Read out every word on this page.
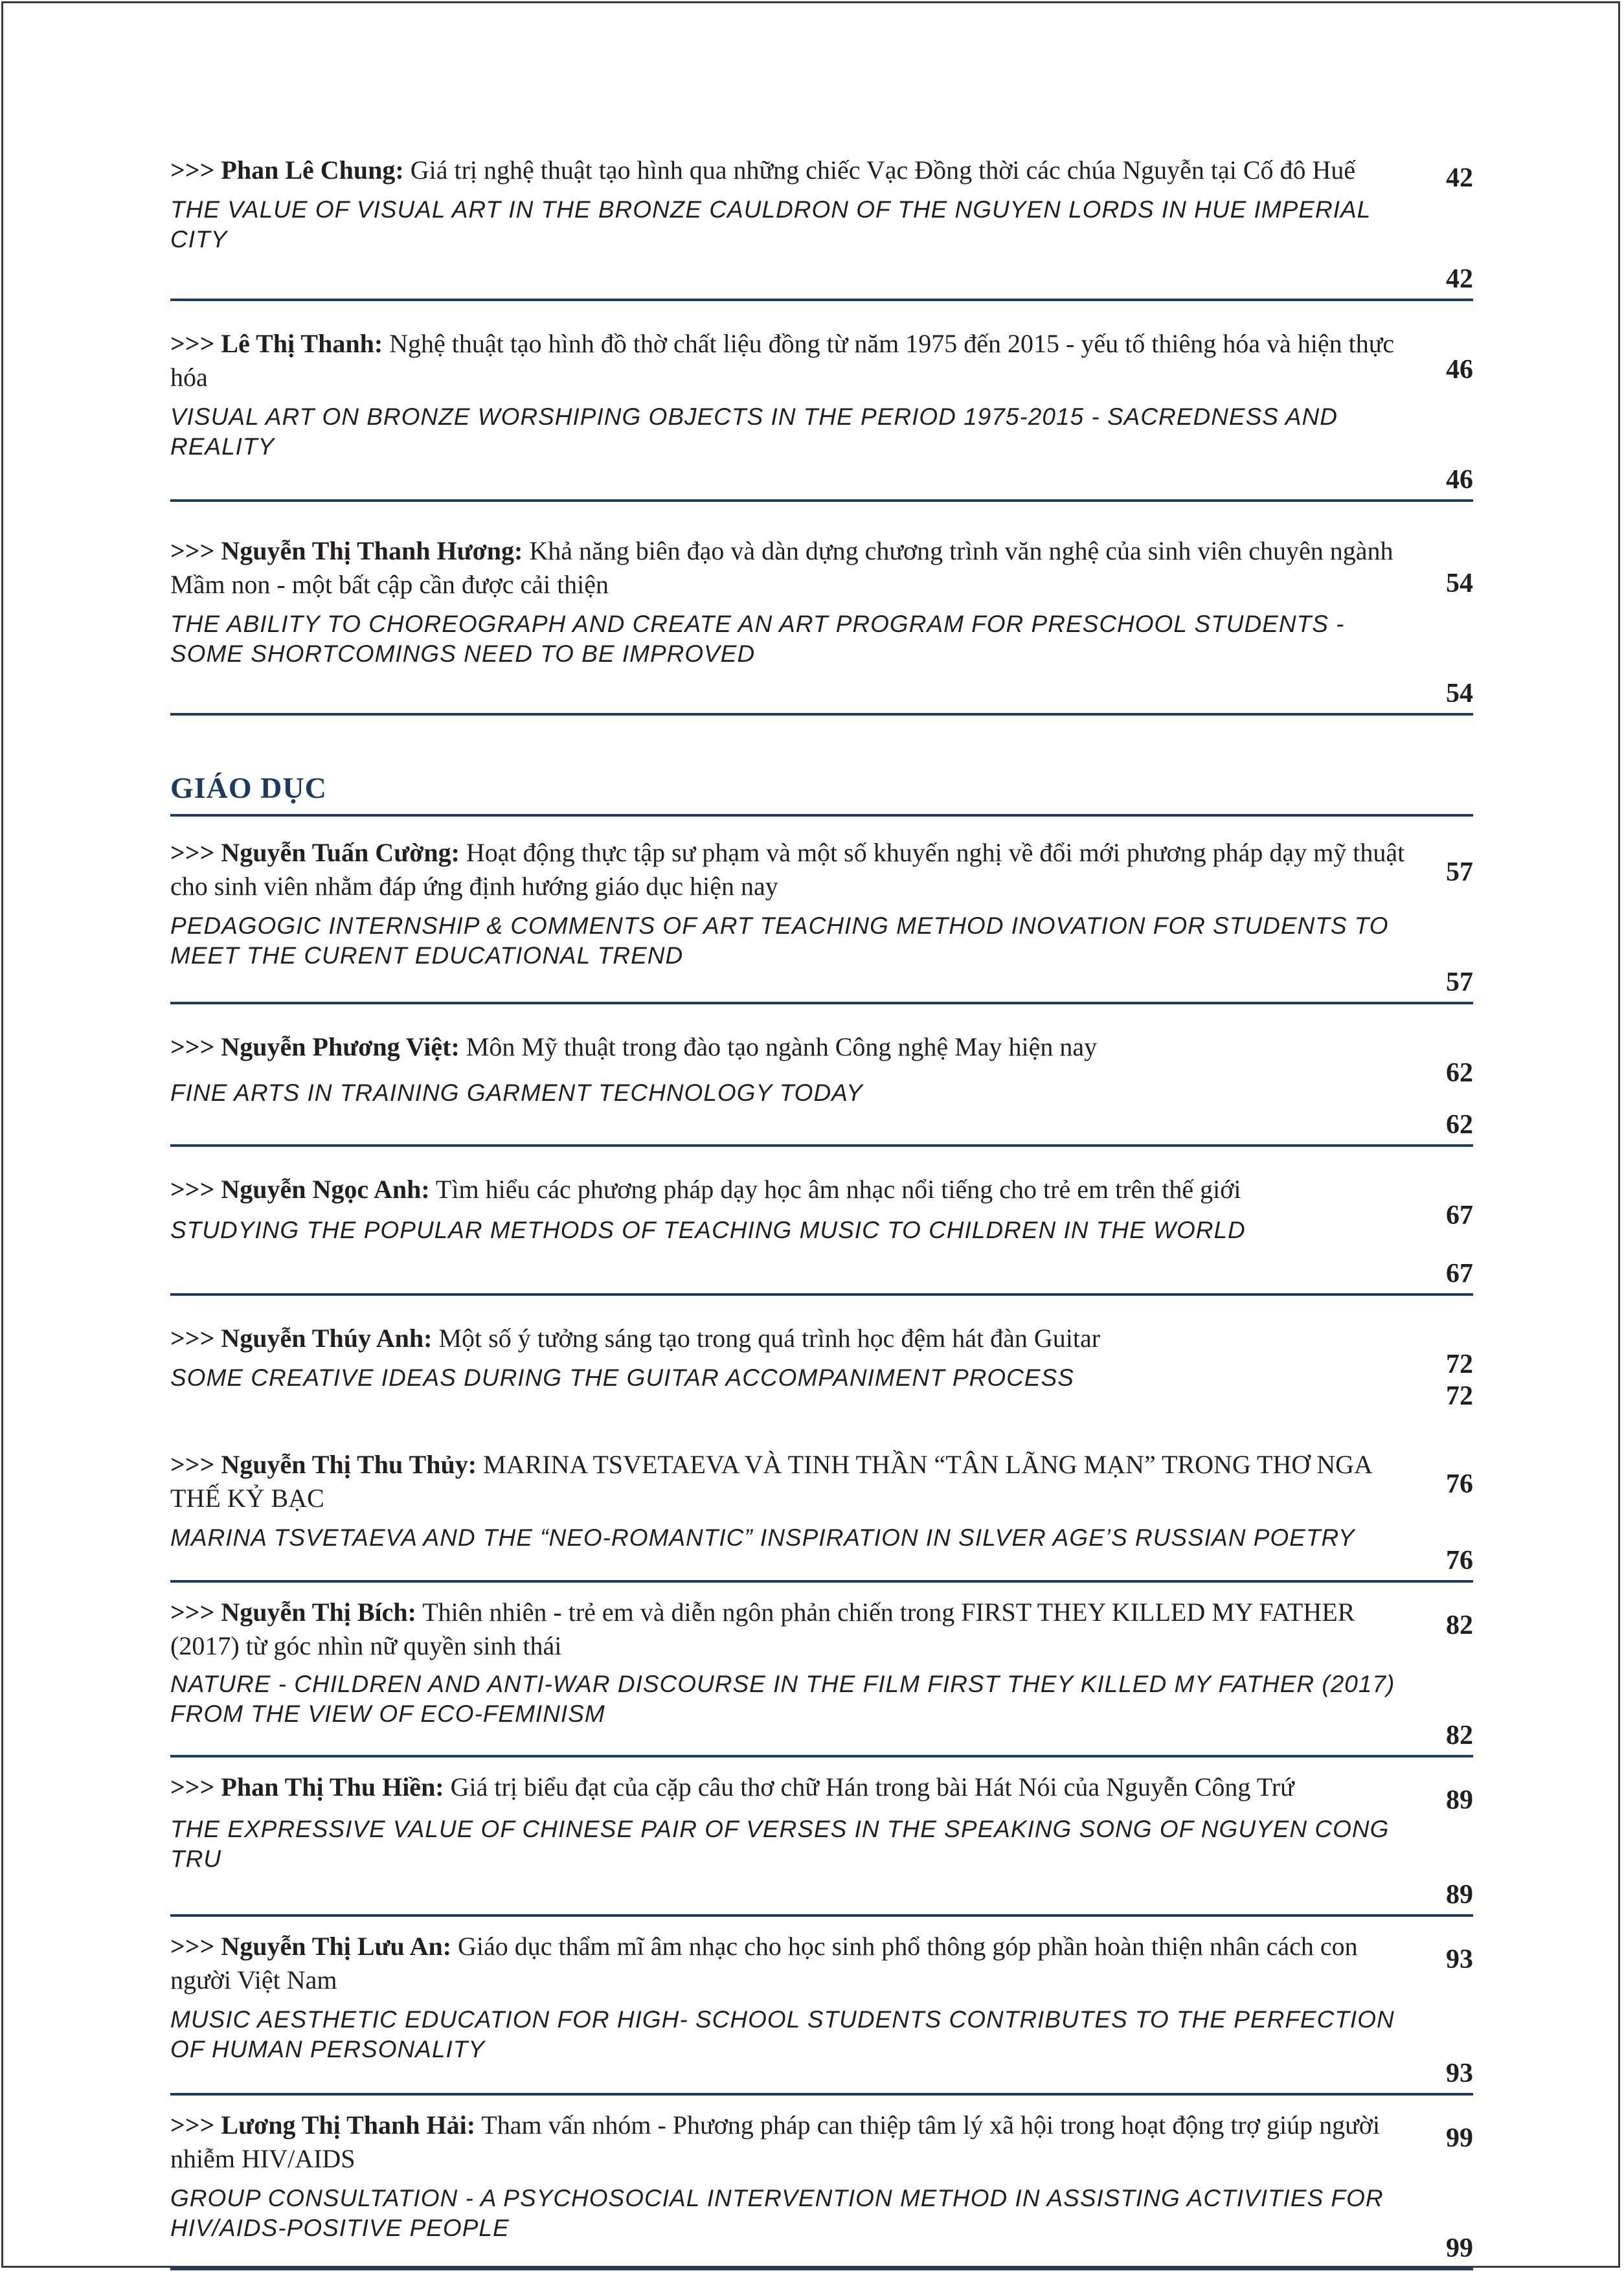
>>> Phan Lê Chung: Giá trị nghệ thuật tạo hình qua những chiếc Vạc Đồng thời các chúa Nguyễn tại Cố đô Huế
THE VALUE OF VISUAL ART IN THE BRONZE CAULDRON OF THE NGUYEN LORDS IN HUE IMPERIAL CITY
42
42
>>> Lê Thị Thanh: Nghệ thuật tạo hình đồ thờ chất liệu đồng từ năm 1975 đến 2015 - yếu tố thiêng hóa và hiện thực hóa
VISUAL ART ON BRONZE WORSHIPING OBJECTS IN THE PERIOD 1975-2015 - SACREDNESS AND REALITY
46
46
>>> Nguyễn Thị Thanh Hương: Khả năng biên đạo và dàn dựng chương trình văn nghệ của sinh viên chuyên ngành Mầm non - một bất cập cần được cải thiện
THE ABILITY TO CHOREOGRAPH AND CREATE AN ART PROGRAM FOR PRESCHOOL STUDENTS - SOME SHORTCOMINGS NEED TO BE IMPROVED
54
54
GIÁO DỤC
>>> Nguyễn Tuấn Cường: Hoạt động thực tập sư phạm và một số khuyến nghị về đổi mới phương pháp dạy mỹ thuật cho sinh viên nhằm đáp ứng định hướng giáo dục hiện nay
PEDAGOGIC INTERNSHIP & COMMENTS OF ART TEACHING METHOD INOVATION FOR STUDENTS TO MEET THE CURENT EDUCATIONAL TREND
57
57
>>> Nguyễn Phương Việt: Môn Mỹ thuật trong đào tạo ngành Công nghệ May hiện nay
FINE ARTS IN TRAINING GARMENT TECHNOLOGY TODAY
62
62
>>> Nguyễn Ngọc Anh: Tìm hiểu các phương pháp dạy học âm nhạc nổi tiếng cho trẻ em trên thế giới
STUDYING THE POPULAR METHODS OF TEACHING MUSIC TO CHILDREN IN THE WORLD	67
67
>>> Nguyễn Thúy Anh: Một số ý tưởng sáng tạo trong quá trình học đệm hát đàn Guitar
SOME CREATIVE IDEAS DURING THE GUITAR ACCOMPANIMENT PROCESS	72
72
>>> Nguyễn Thị Thu Thủy: MARINA TSVETAEVA VÀ TINH THẦN “TÂN LÃNG MẠN” TRONG THƠ NGA THẾ KỶ BẠC
MARINA TSVETAEVA AND THE “NEO-ROMANTIC” INSPIRATION IN SILVER AGE’S RUSSIAN POETRY
76
76
>>> Nguyễn Thị Bích: Thiên nhiên - trẻ em và diễn ngôn phản chiến trong FIRST THEY KILLED MY FATHER (2017) từ góc nhìn nữ quyền sinh thái
NATURE - CHILDREN AND ANTI-WAR DISCOURSE IN THE FILM FIRST THEY KILLED MY FATHER (2017) FROM THE VIEW OF ECO-FEMINISM
82
82
>>> Phan Thị Thu Hiền: Giá trị biểu đạt của cặp câu thơ chữ Hán trong bài Hát Nói của Nguyễn Công Trứ
THE EXPRESSIVE VALUE OF CHINESE PAIR OF VERSES IN THE SPEAKING SONG OF NGUYEN CONG TRU
89
89
>>> Nguyễn Thị Lưu An: Giáo dục thẩm mĩ âm nhạc cho học sinh phổ thông góp phần hoàn thiện nhân cách con người Việt Nam
MUSIC AESTHETIC EDUCATION FOR HIGH- SCHOOL STUDENTS CONTRIBUTES TO THE PERFECTION OF HUMAN PERSONALITY
93
93
>>> Lương Thị Thanh Hải: Tham vấn nhóm - Phương pháp can thiệp tâm lý xã hội trong hoạt động trợ giúp người nhiễm HIV/AIDS
GROUP CONSULTATION - A PSYCHOSOCIAL INTERVENTION METHOD IN ASSISTING ACTIVITIES FOR HIV/AIDS-POSITIVE PEOPLE
99
99
